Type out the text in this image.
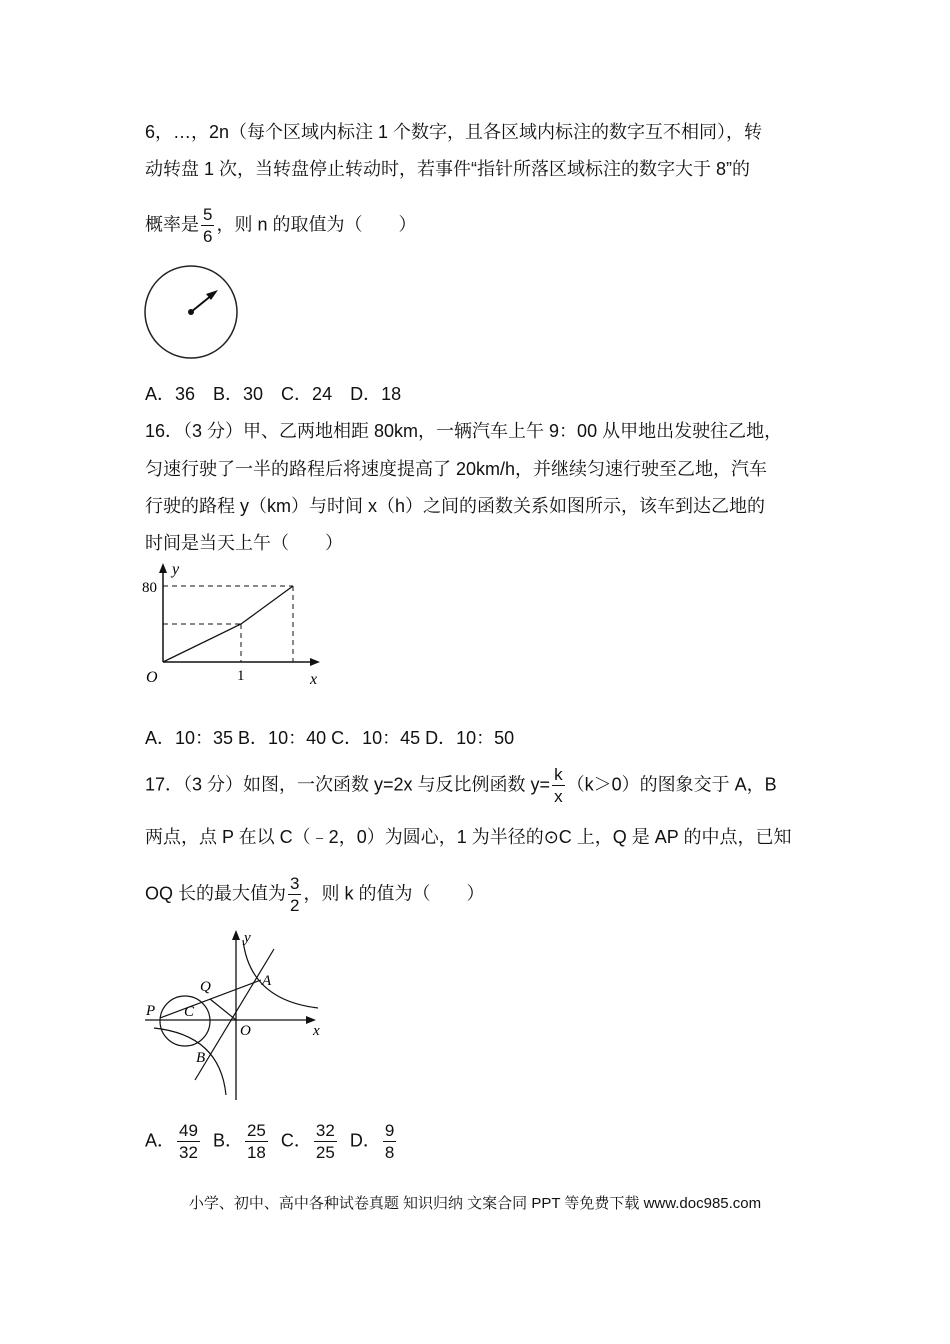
6，…，2n（每个区域内标注 1 个数字，且各区域内标注的数字互不相同），转
动转盘 1 次，当转盘停止转动时，若事件“指针所落区域标注的数字大于 8”的
概率是 $\frac{5}{6}$ ，则 n 的取值为（　　）
A．36　B．30　C．24　D．18
16．（3 分）甲、乙两地相距 80km，一辆汽车上午 9：00 从甲地出发驶往乙地，
匀速行驶了一半的路程后将速度提高了 20km/h，并继续匀速行驶至乙地，汽车
行驶的路程 y（km）与时间 x（h）之间的函数关系如图所示，该车到达乙地的
时间是当天上午（　　）
y
x
O
80
1
A．10：35 B．10：40 C．10：45 D．10：50
17．（3 分）如图，一次函数 y=2x 与反比例函数 $y= \frac{k}{x} (k>0)$的图象交于 A，B
两点，点 P 在以 C（﹣2，0）为圆心，1 为半径的⊙C 上，Q 是 AP 的中点，已知
OQ 长的最大值为 $\frac{3}{2}$ ，则 k 的值为（　　）
y
x
O
A
B
C
P
Q
A． $\frac{49}{32}$ B． $\frac{25}{18}$ C． $\frac{32}{25}$ D． $\frac{9}{8}$
小学、初中、高中各种试卷真题 知识归纳 文案合同 PPT 等免费下载 www.doc985.com
